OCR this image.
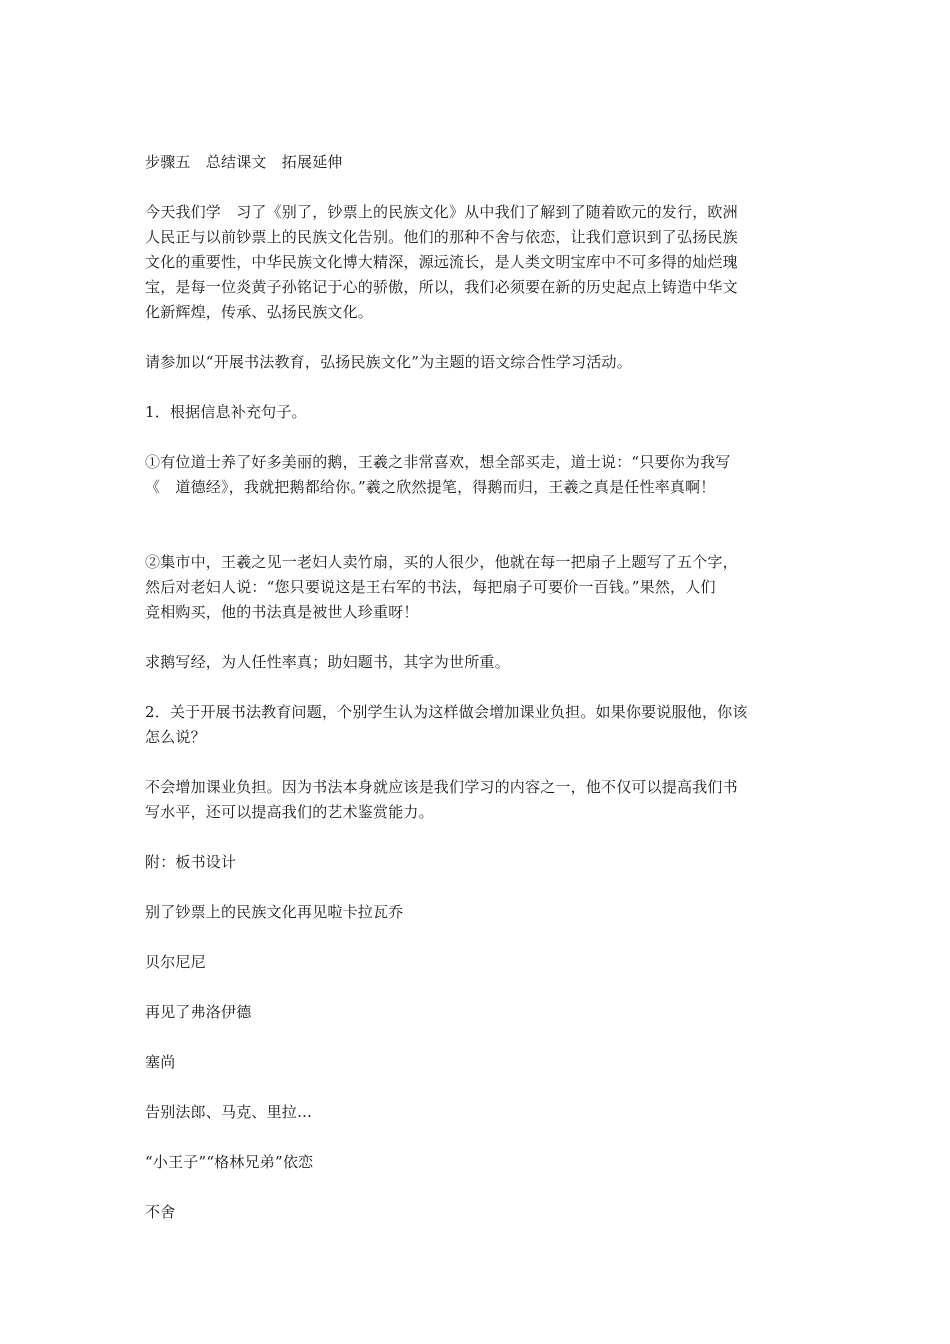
步骤五　总结课文　拓展延伸

今天我们学　习了《别了，钞票上的民族文化》从中我们了解到了随着欧元的发行，欧洲
人民正与以前钞票上的民族文化告别。他们的那种不舍与依恋，让我们意识到了弘扬民族
文化的重要性，中华民族文化博大精深，源远流长，是人类文明宝库中不可多得的灿烂瑰
宝，是每一位炎黄子孙铭记于心的骄傲，所以，我们必须要在新的历史起点上铸造中华文
化新辉煌，传承、弘扬民族文化。

请参加以“开展书法教育，弘扬民族文化”为主题的语文综合性学习活动。

1．根据信息补充句子。

①有位道士养了好多美丽的鹅，王羲之非常喜欢，想全部买走，道士说：“只要你为我写
《　道德经》，我就把鹅都给你。”羲之欣然提笔，得鹅而归，王羲之真是任性率真啊！

②集市中，王羲之见一老妇人卖竹扇，买的人很少，他就在每一把扇子上题写了五个字，
然后对老妇人说：“您只要说这是王右军的书法，每把扇子可要价一百钱。”果然，人们
竞相购买，他的书法真是被世人珍重呀！

求鹅写经，为人任性率真；助妇题书，其字为世所重。

2．关于开展书法教育问题，个别学生认为这样做会增加课业负担。如果你要说服他，你该
怎么说？

不会增加课业负担。因为书法本身就应该是我们学习的内容之一，他不仅可以提高我们书
写水平，还可以提高我们的艺术鉴赏能力。

附：板书设计

别了钞票上的民族文化再见啦卡拉瓦乔

贝尔尼尼

再见了弗洛伊德

塞尚

告别法郎、马克、里拉…

“小王子”“格林兄弟”依恋

不舍
